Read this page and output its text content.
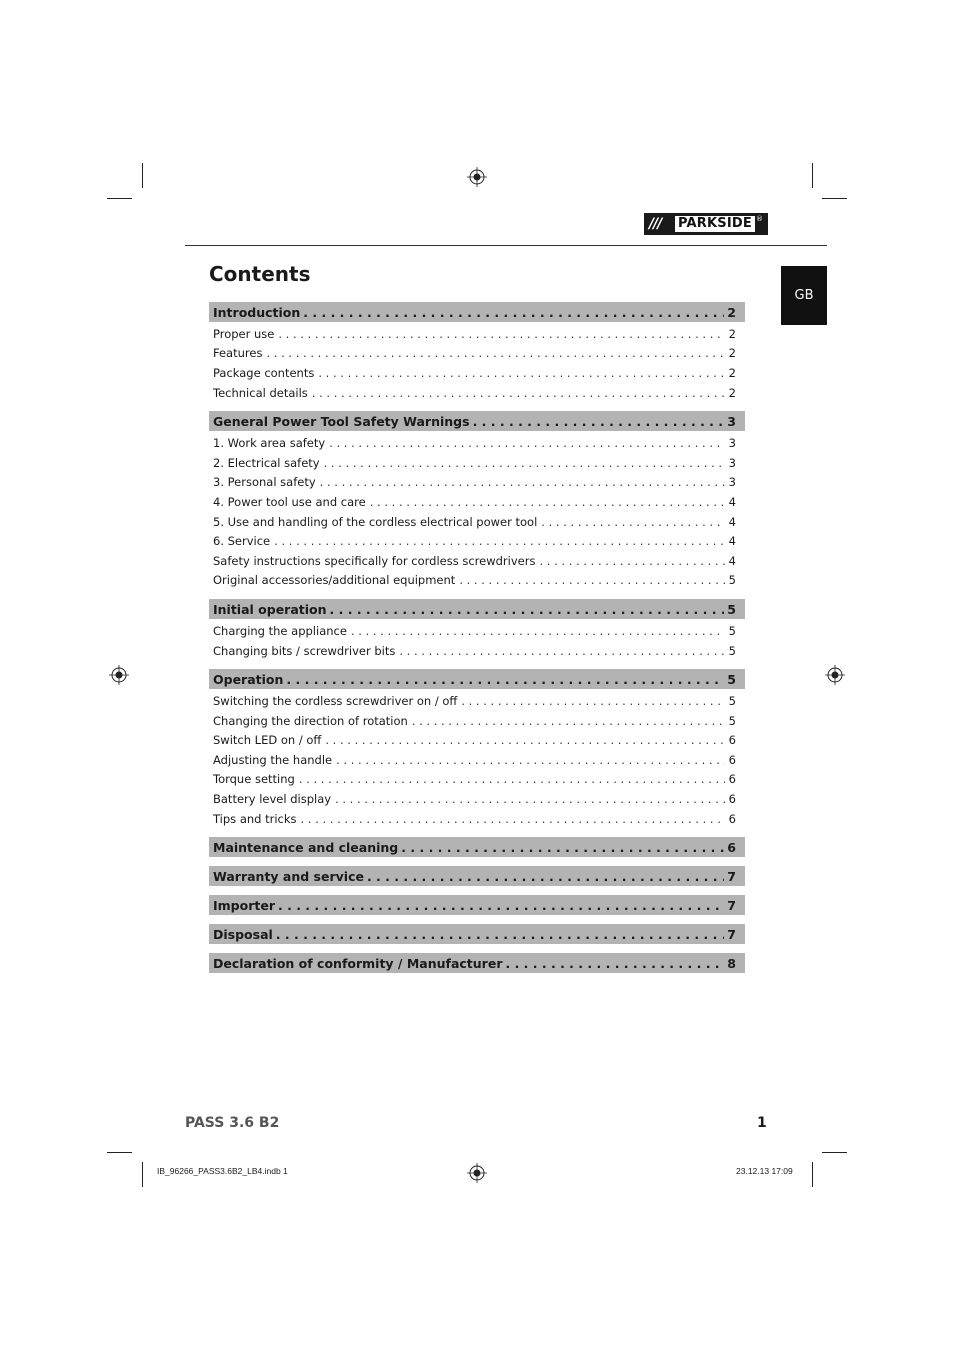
///	PARKSIDE ®
Contents
GB
Introduction . . .	2
Proper use . . .	2
Features . . .	2
Package contents . . .	2
Technical details . . .	2
General Power Tool Safety Warnings . . .	3
1. Work area safety . . .	3
2. Electrical safety . . .	3
3. Personal safety . . .	3
4. Power tool use and care . . .	4
5. Use and handling of the cordless electrical power tool . . .	4
6. Service . . .	4
Safety instructions specifically for cordless screwdrivers . . .	4
Original accessories/additional equipment . . .	5
Initial operation . . .	5
Charging the appliance . . .	5
Changing bits / screwdriver bits . . .	5
Operation . . .	5
Switching the cordless screwdriver on / off . . .	5
Changing the direction of rotation . . .	5
Switch LED on / off . . .	6
Adjusting the handle . . .	6
Torque setting . . .	6
Battery level display . . .	6
Tips and tricks . . .	6
Maintenance and cleaning . . .	6
Warranty and service . . .	7
Importer . . .	7
Disposal . . .	7
Declaration of conformity / Manufacturer . . .	8
PASS 3.6 B2	1
IB_96266_PASS3.6B2_LB4.indb 1	23.12.13 17:09
